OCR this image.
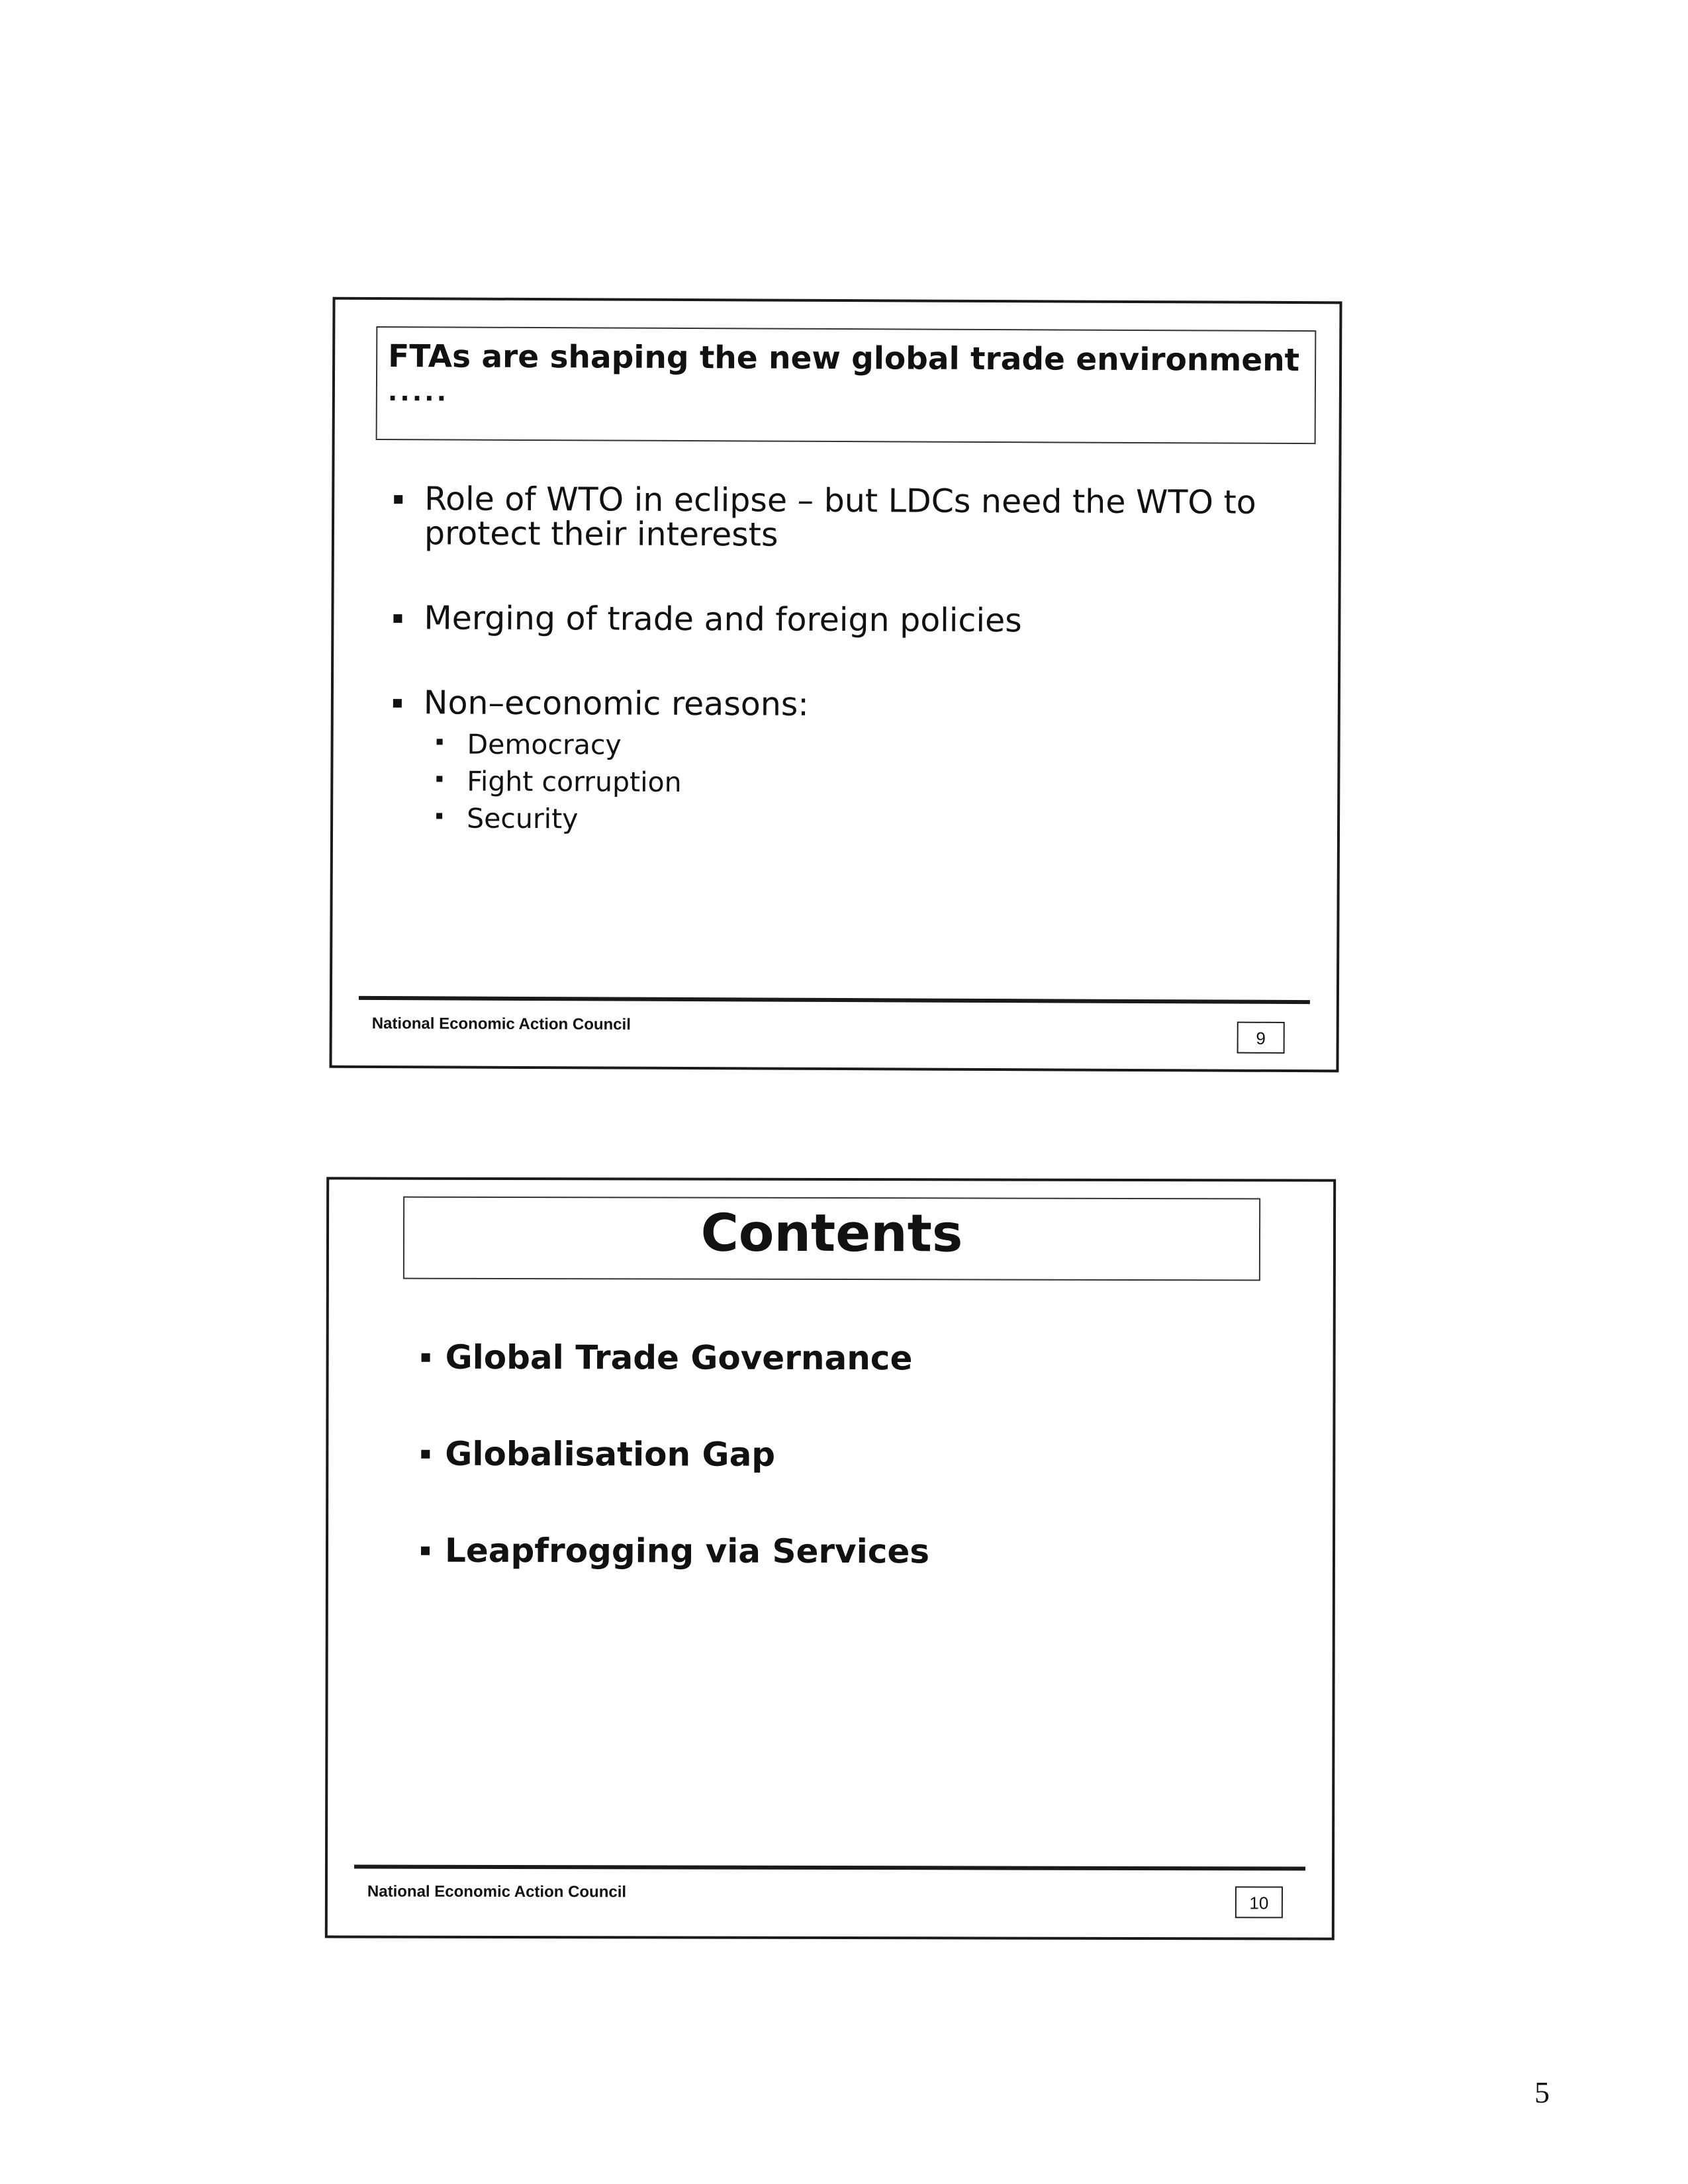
FTAs are shaping the new global trade environment

.....

Role of WTO in eclipse – but LDCs need the WTO to protect their interests
Merging of trade and foreign policies
Non–economic reasons:
Democracy
Fight corruption
Security
National Economic Action Council
9

Contents

Global Trade Governance
Globalisation Gap
Leapfrogging via Services
National Economic Action Council
10
5
